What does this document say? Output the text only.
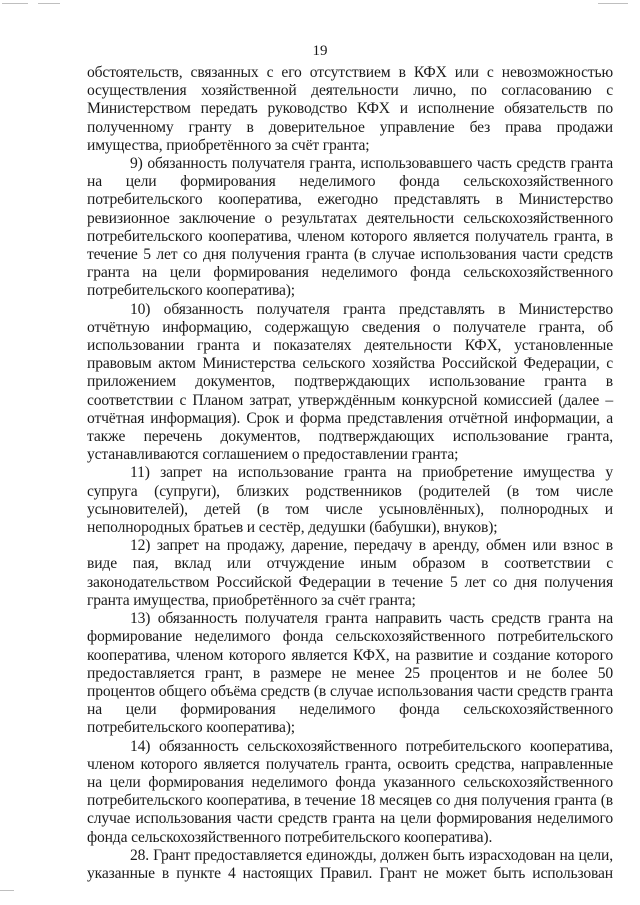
19

обстоятельств, связанных с его отсутствием в КФХ или с невозможностью осуществления хозяйственной деятельности лично, по согласованию с Министерством передать руководство КФХ и исполнение обязательств по полученному гранту в доверительное управление без права продажи имущества, приобретённого за счёт гранта;

9) обязанность получателя гранта, использовавшего часть средств гранта на цели формирования неделимого фонда сельскохозяйственного потребительского кооператива, ежегодно представлять в Министерство ревизионное заключение о результатах деятельности сельскохозяйственного потребительского кооператива, членом которого является получатель гранта, в течение 5 лет со дня получения гранта (в случае использования части средств гранта на цели формирования неделимого фонда сельскохозяйственного потребительского кооператива);

10) обязанность получателя гранта представлять в Министерство отчётную информацию, содержащую сведения о получателе гранта, об использовании гранта и показателях деятельности КФХ, установленные правовым актом Министерства сельского хозяйства Российской Федерации, с приложением документов, подтверждающих использование гранта в соответствии с Планом затрат, утверждённым конкурсной комиссией (далее – отчётная информация). Срок и форма представления отчётной информации, а также перечень документов, подтверждающих использование гранта, устанавливаются соглашением о предоставлении гранта;

11) запрет на использование гранта на приобретение имущества у супруга (супруги), близких родственников (родителей (в том числе усыновителей), детей (в том числе усыновлённых), полнородных и неполнородных братьев и сестёр, дедушки (бабушки), внуков);

12) запрет на продажу, дарение, передачу в аренду, обмен или взнос в виде пая, вклад или отчуждение иным образом в соответствии с законодательством Российской Федерации в течение 5 лет со дня получения гранта имущества, приобретённого за счёт гранта;

13) обязанность получателя гранта направить часть средств гранта на формирование неделимого фонда сельскохозяйственного потребительского кооператива, членом которого является КФХ, на развитие и создание которого предоставляется грант, в размере не менее 25 процентов и не более 50 процентов общего объёма средств (в случае использования части средств гранта на цели формирования неделимого фонда сельскохозяйственного потребительского кооператива);

14) обязанность сельскохозяйственного потребительского кооператива, членом которого является получатель гранта, освоить средства, направленные на цели формирования неделимого фонда указанного сельскохозяйственного потребительского кооператива, в течение 18 месяцев со дня получения гранта (в случае использования части средств гранта на цели формирования неделимого фонда сельскохозяйственного потребительского кооператива).

28. Грант предоставляется единожды, должен быть израсходован на цели, указанные в пункте 4 настоящих Правил. Грант не может быть использован
